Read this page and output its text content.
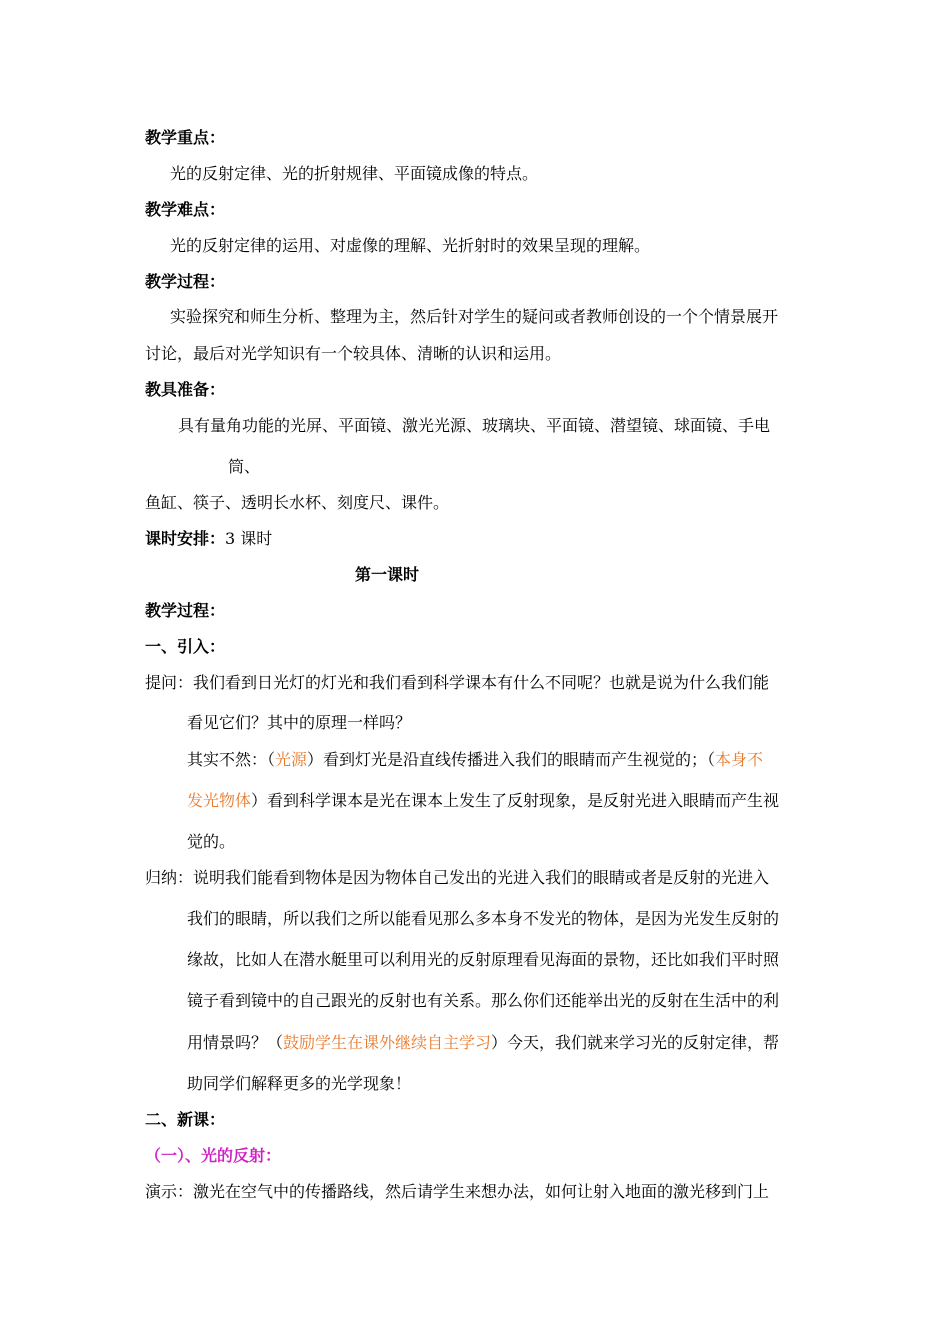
教学重点：
光的反射定律、光的折射规律、平面镜成像的特点。
教学难点：
光的反射定律的运用、对虚像的理解、光折射时的效果呈现的理解。
教学过程：
实验探究和师生分析、整理为主，然后针对学生的疑问或者教师创设的一个个情景展开
讨论，最后对光学知识有一个较具体、清晰的认识和运用。
教具准备：
具有量角功能的光屏、平面镜、激光光源、玻璃块、平面镜、潜望镜、球面镜、手电
筒、
鱼缸、筷子、透明长水杯、刻度尺、课件。
课时安排：3 课时
第一课时
教学过程：
一、引入：
提问：我们看到日光灯的灯光和我们看到科学课本有什么不同呢？也就是说为什么我们能
看见它们？其中的原理一样吗？
其实不然：（光源）看到灯光是沿直线传播进入我们的眼睛而产生视觉的；（本身不
发光物体）看到科学课本是光在课本上发生了反射现象，是反射光进入眼睛而产生视
觉的。
归纳：说明我们能看到物体是因为物体自己发出的光进入我们的眼睛或者是反射的光进入
我们的眼睛，所以我们之所以能看见那么多本身不发光的物体，是因为光发生反射的
缘故，比如人在潜水艇里可以利用光的反射原理看见海面的景物，还比如我们平时照
镜子看到镜中的自己跟光的反射也有关系。那么你们还能举出光的反射在生活中的利
用情景吗？（鼓励学生在课外继续自主学习）今天，我们就来学习光的反射定律，帮
助同学们解释更多的光学现象！
二、新课：
（一）、光的反射：
演示：激光在空气中的传播路线，然后请学生来想办法，如何让射入地面的激光移到门上
